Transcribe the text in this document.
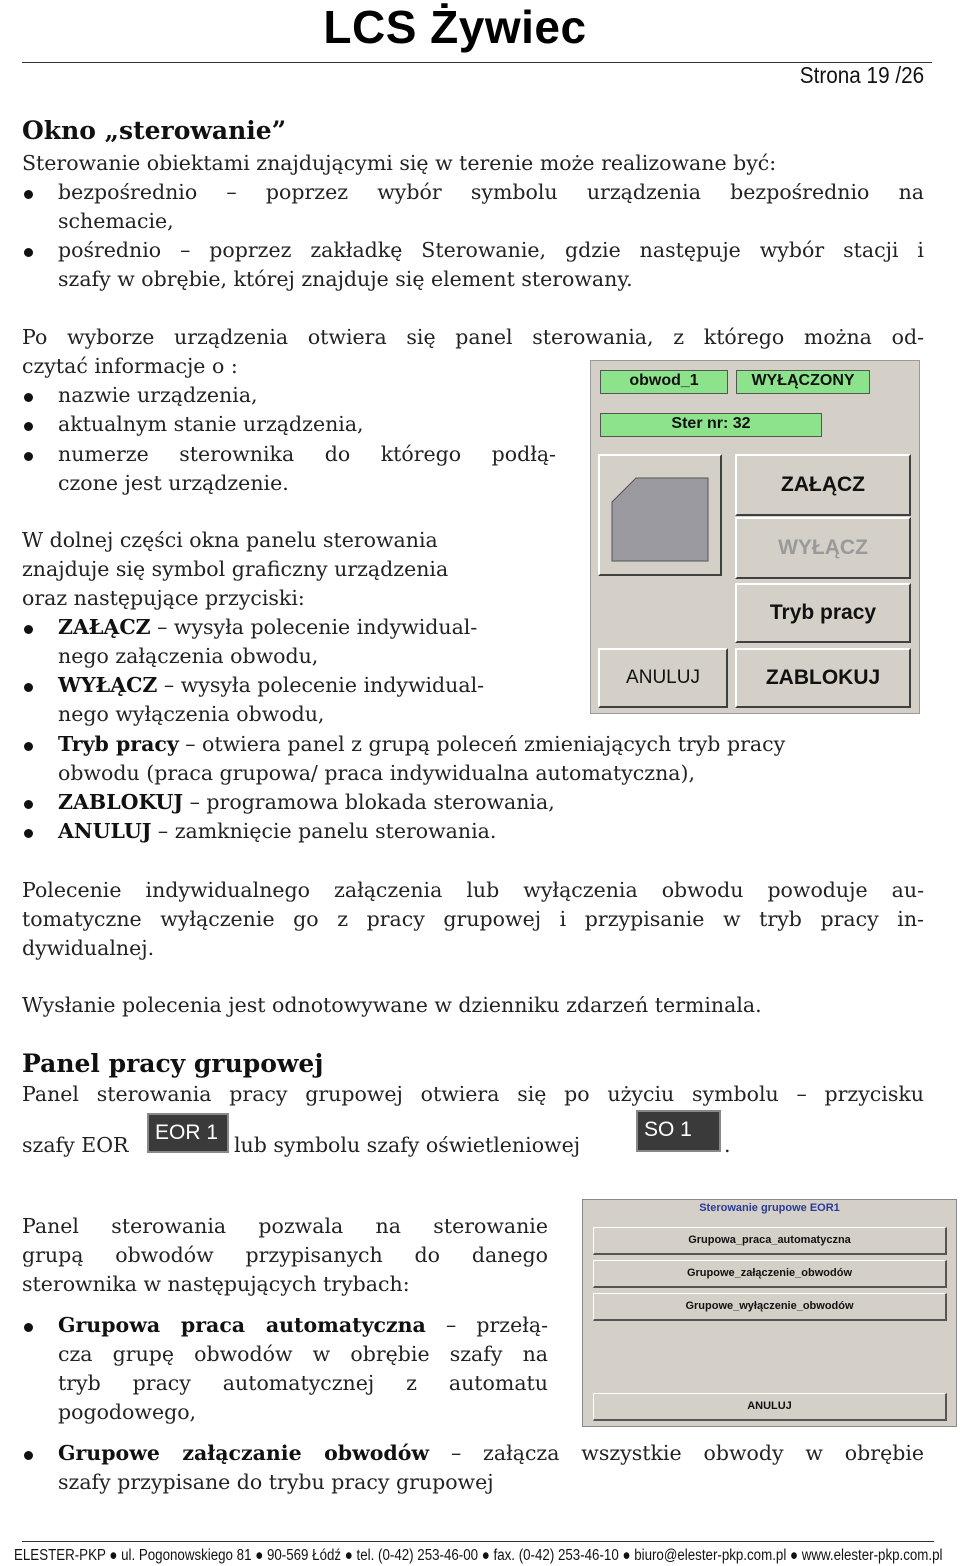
LCS Żywiec
Strona 19 /26
Okno „sterowanie”
Sterowanie obiektami znajdującymi się w terenie może realizowane być:
bezpośrednio – poprzez wybór symbolu urządzenia bezpośrednio na
schemacie,
pośrednio – poprzez zakładkę Sterowanie, gdzie następuje wybór stacji i
szafy w obrębie, której znajduje się element sterowany.
Po wyborze urządzenia otwiera się panel sterowania, z którego można od-
czytać informacje o :
nazwie urządzenia,
aktualnym stanie urządzenia,
numerze sterownika do którego podłą-
czone jest urządzenie.
W dolnej części okna panelu sterowania
znajduje się symbol graficzny urządzenia
oraz następujące przyciski:
ZAŁĄCZ – wysyła polecenie indywidual-
nego załączenia obwodu,
WYŁĄCZ – wysyła polecenie indywidual-
nego wyłączenia obwodu,
Tryb pracy – otwiera panel z grupą poleceń zmieniających tryb pracy
obwodu (praca grupowa/ praca indywidualna automatyczna),
ZABLOKUJ – programowa blokada sterowania,
ANULUJ – zamknięcie panelu sterowania.
Polecenie indywidualnego załączenia lub wyłączenia obwodu powoduje au-
tomatyczne wyłączenie go z pracy grupowej i przypisanie w tryb pracy in-
dywidualnej.
Wysłanie polecenia jest odnotowywane w dzienniku zdarzeń terminala.
obwod_1	WYŁĄCZONY
Ster nr: 32
ZAŁĄCZ
WYŁĄCZ
Tryb pracy
ANULUJ	ZABLOKUJ
Panel pracy grupowej
Panel sterowania pracy grupowej otwiera się po użyciu symbolu – przycisku
szafy EOR
EOR 1
lub symbolu szafy oświetleniowej
SO 1
.
Panel sterowania pozwala na sterowanie
grupą obwodów przypisanych do danego
sterownika w następujących trybach:
Grupowa praca automatyczna – przełą-
cza grupę obwodów w obrębie szafy na
tryb pracy automatycznej z automatu
pogodowego,
Grupowe załączanie obwodów – załącza wszystkie obwody w obrębie
szafy przypisane do trybu pracy grupowej
Sterowanie grupowe EOR1
Grupowa_praca_automatyczna
Grupowe_załączenie_obwodów
Grupowe_wyłączenie_obwodów
ANULUJ
ELESTER-PKP ● ul. Pogonowskiego 81 ● 90-569 Łódź ● tel. (0-42) 253-46-00 ● fax. (0-42) 253-46-10 ● biuro@elester-pkp.com.pl ● www.elester-pkp.com.pl
